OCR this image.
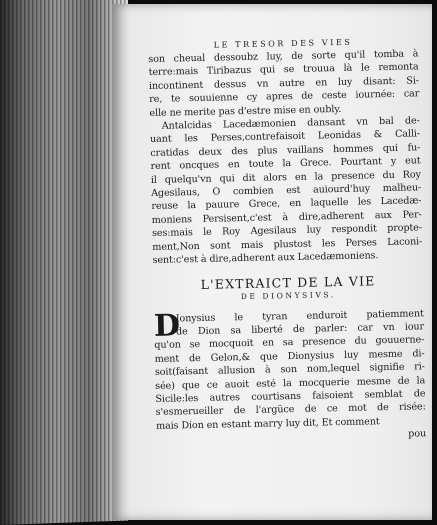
LE TRESOR DES VIES
son cheual dessoubz luy, de sorte qu'il tomba à
terre:mais Tiribazus qui se trouua là le remonta
incontinent dessus vn autre en luy disant: Si-
re, te souuienne cy apres de ceste iournée: car
elle ne merite pas d'estre mise en oubly.
Antalcidas Lacedæmonien dansant vn bal de-
uant les Perses,contrefaisoit Leonidas & Calli-
cratidas deux des plus vaillans hommes qui fu-
rent oncques en toute la Grece. Pourtant y eut
il quelqu'vn qui dit alors en la presence du Roy
Agesilaus, O combien est auiourd'huy malheu-
reuse la pauure Grece, en laquelle les Lacedæ-
moniens Persisent,c'est à dire,adherent aux Per-
ses:mais le Roy Agesilaus luy respondit propte-
ment,Non sont mais plustost les Perses Laconi-
sent:c'est à dire,adherent aux Lacedæmoniens.
L'EXTRAICT DE LA VIE
DE DIONYSIVS.
D
Ionysius le tyran enduroit patiemment
de Dion sa liberté de parler: car vn iour
qu'on se mocquoit en sa presence du gouuerne-
ment de Gelon,& que Dionysius luy mesme di-
soit(faisant allusion à son nom,lequel signifie ri-
sée) que ce auoit esté la mocquerie mesme de la
Sicile:les autres courtisans faisoient semblat de
s'esmerueiller de l'argüce de ce mot de risée:
mais Dion en estant marry luy dit, Et comment
pou
